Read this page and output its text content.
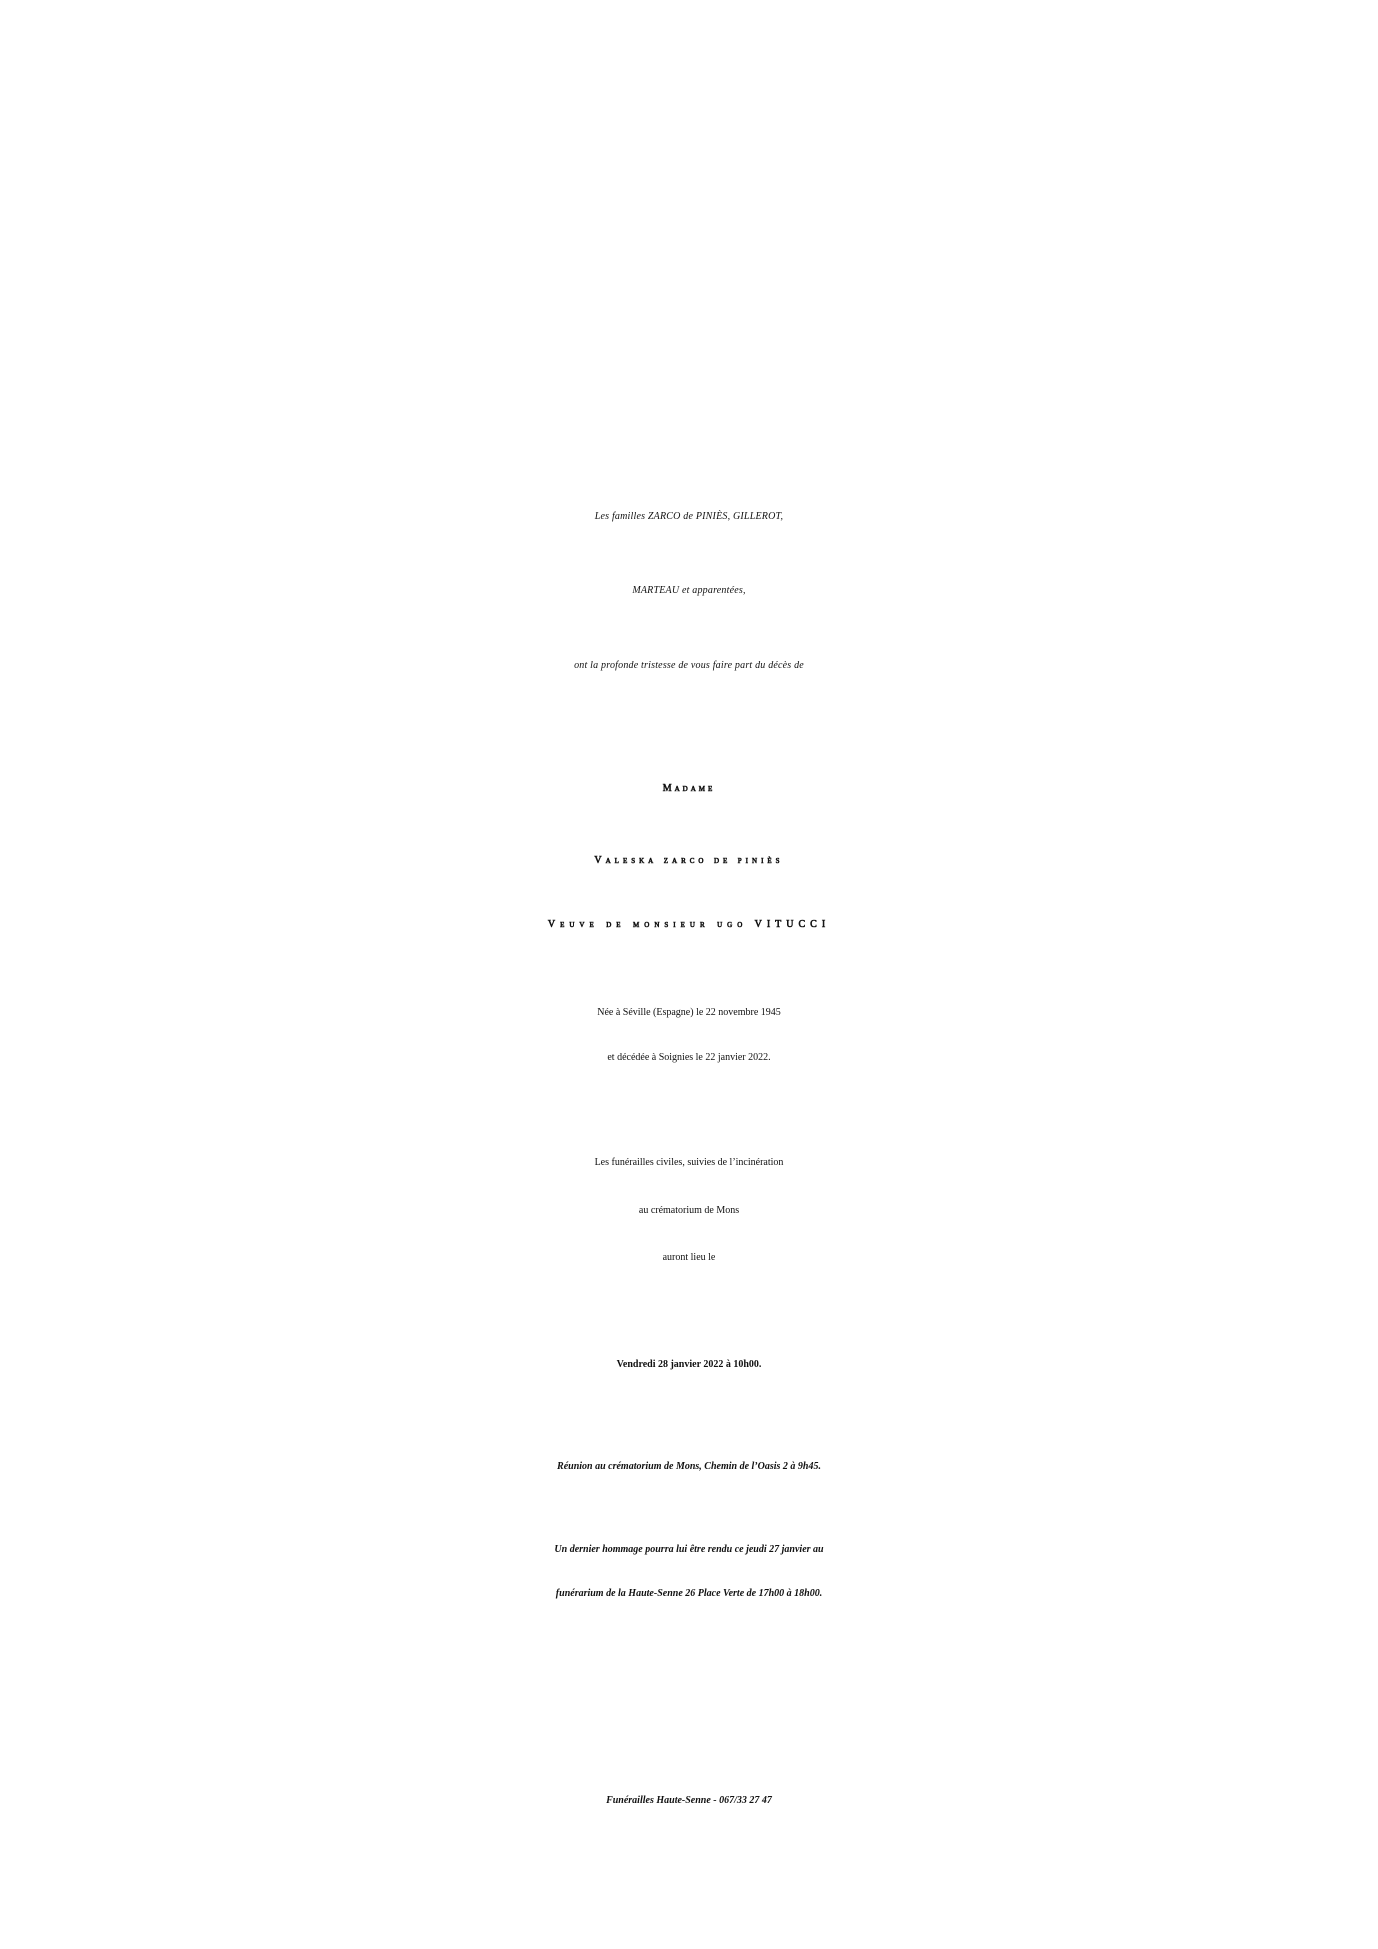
Les familles ZARCO de PINIÈS, GILLEROT,

MARTEAU et apparentées,

ont la profonde tristesse de vous faire part du décès de

Madame

Valeska zarco de piniès

Veuve de monsieur ugo VITUCCI

Née à Séville (Espagne) le 22 novembre 1945

et décédée à Soignies le 22 janvier 2022.

Les funérailles civiles, suivies de l’incinération

au crématorium de Mons

auront lieu le

Vendredi 28 janvier 2022 à 10h00.

Réunion au crématorium de Mons, Chemin de l’Oasis 2 à 9h45.

Un dernier hommage pourra lui être rendu ce jeudi 27 janvier au

funérarium de la Haute-Senne 26 Place Verte de 17h00 à 18h00.

Funérailles Haute-Senne - 067/33 27 47
